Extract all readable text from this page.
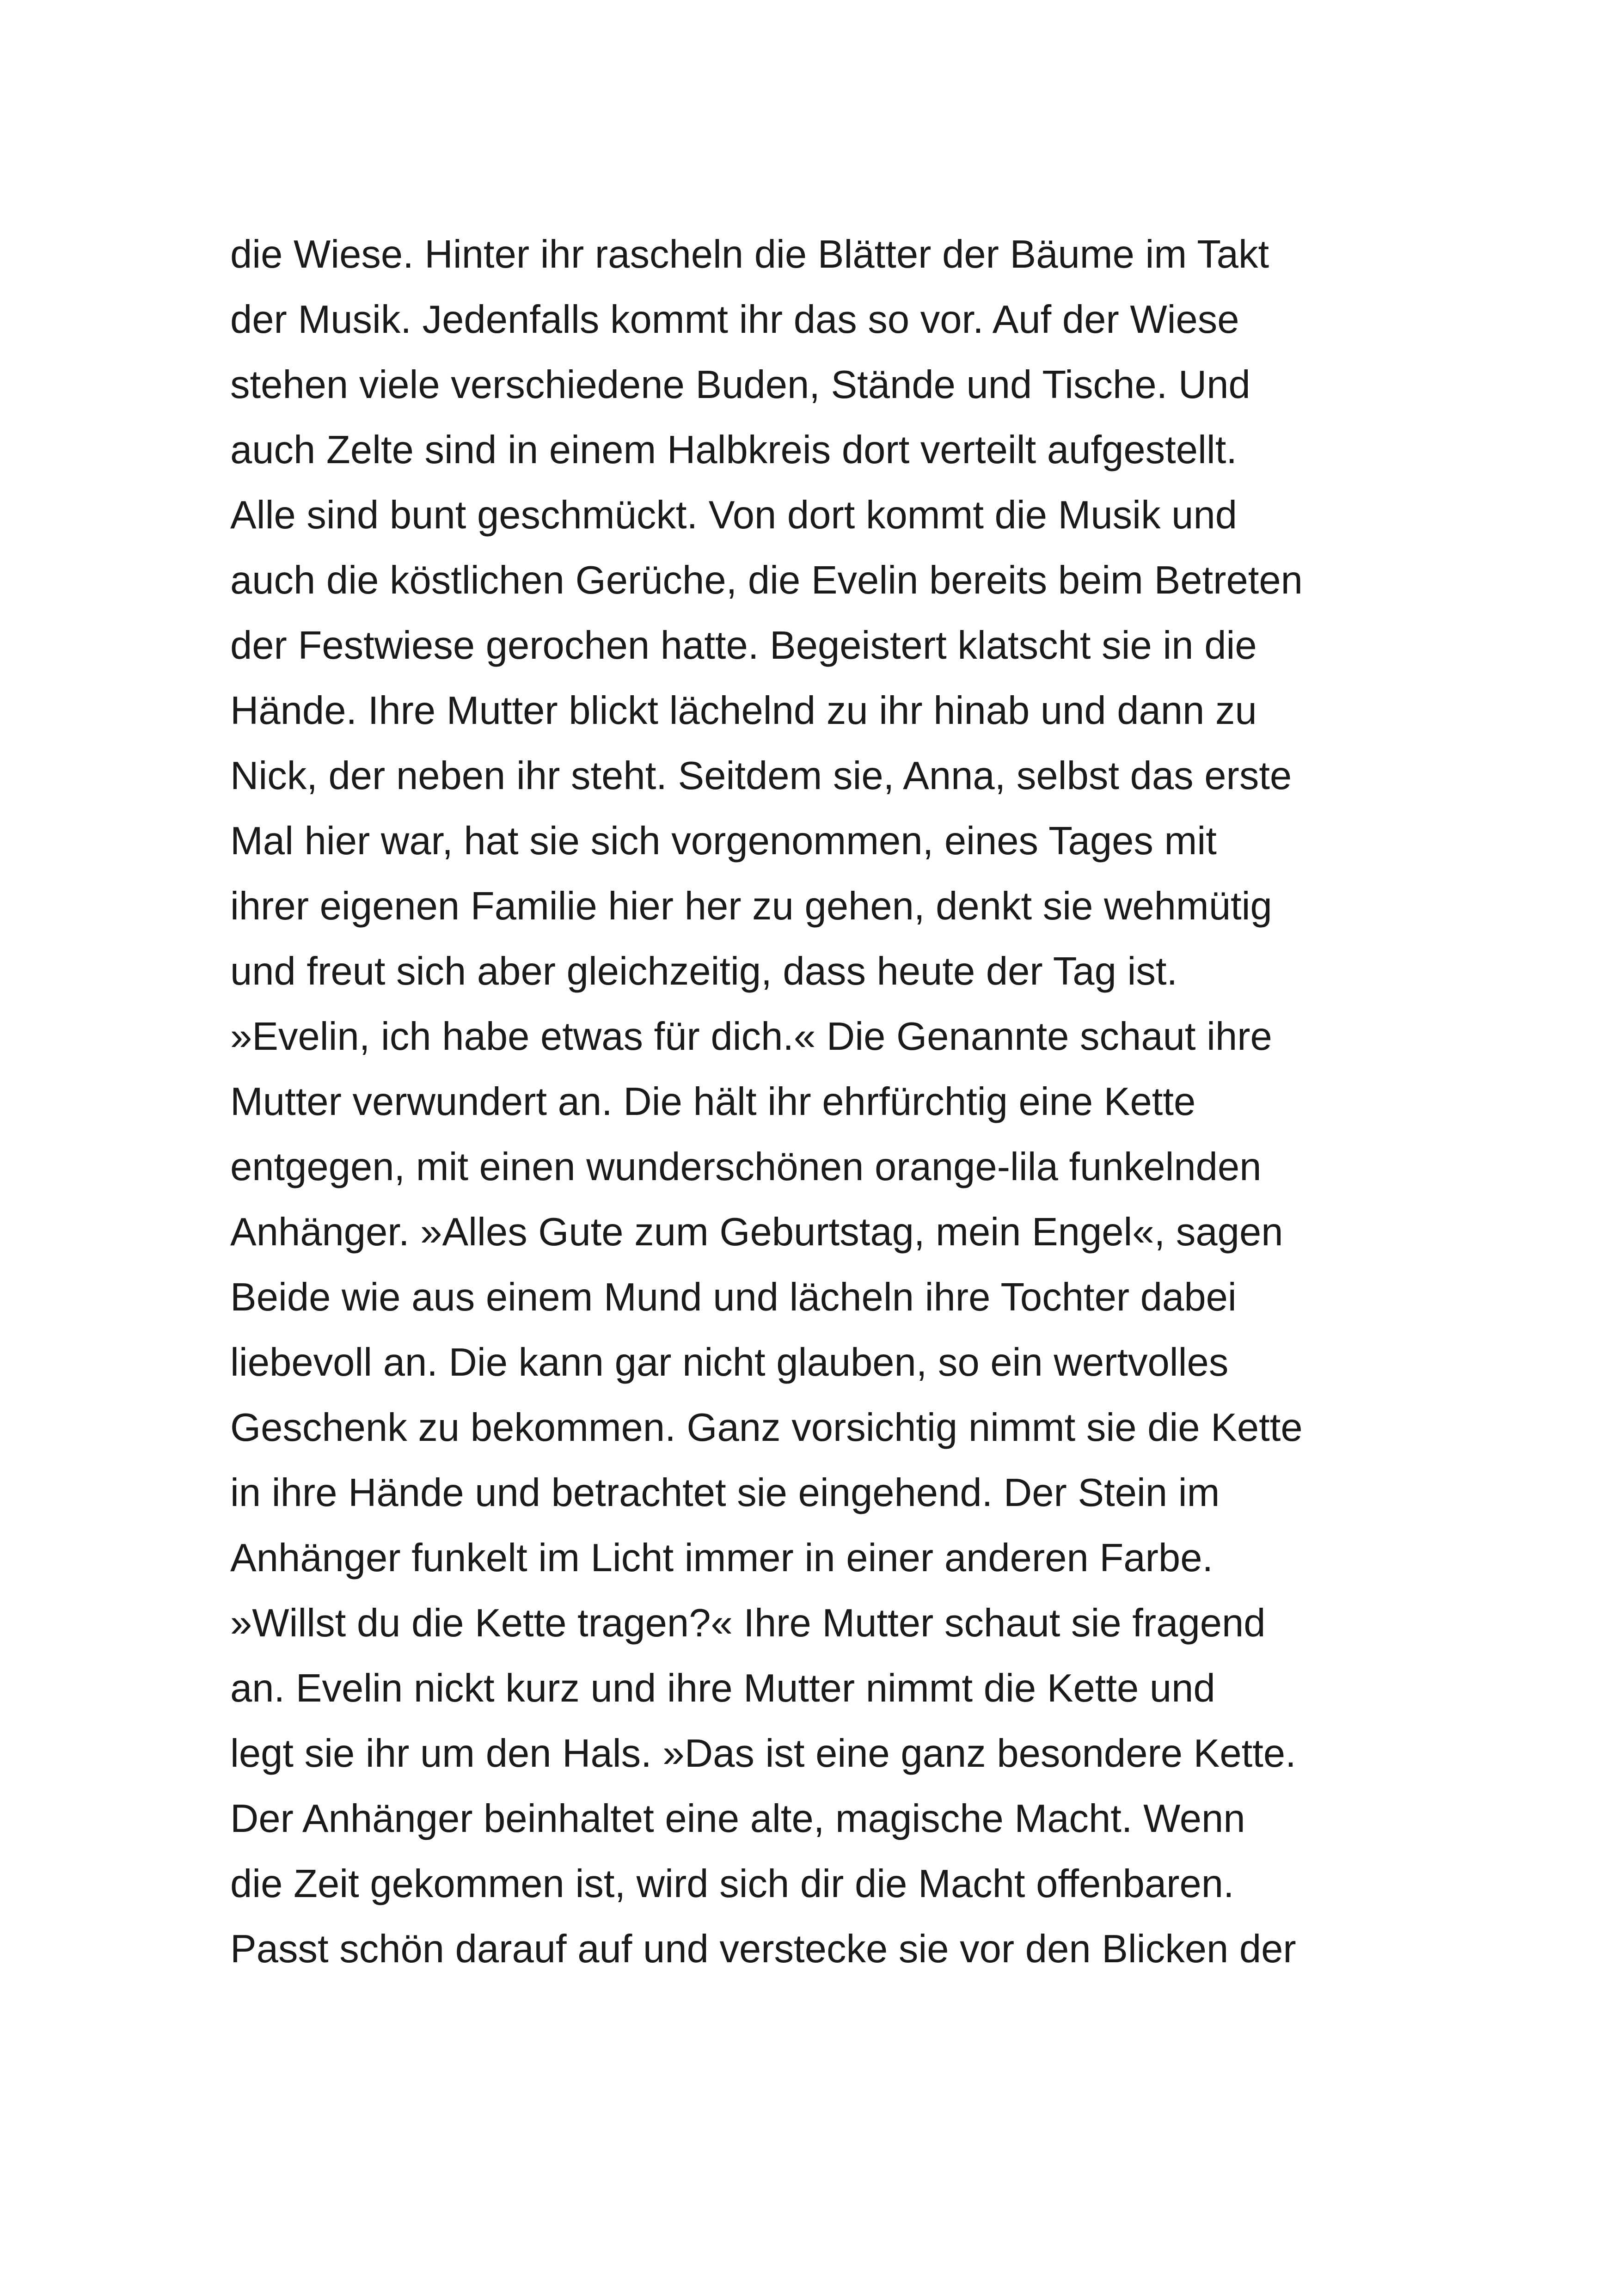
die Wiese. Hinter ihr rascheln die Blätter der Bäume im Takt
der Musik. Jedenfalls kommt ihr das so vor. Auf der Wiese
stehen viele verschiedene Buden, Stände und Tische. Und
auch Zelte sind in einem Halbkreis dort verteilt aufgestellt.
Alle sind bunt geschmückt. Von dort kommt die Musik und
auch die köstlichen Gerüche, die Evelin bereits beim Betreten
der Festwiese gerochen hatte. Begeistert klatscht sie in die
Hände. Ihre Mutter blickt lächelnd zu ihr hinab und dann zu
Nick, der neben ihr steht. Seitdem sie, Anna, selbst das erste
Mal hier war, hat sie sich vorgenommen, eines Tages mit
ihrer eigenen Familie hier her zu gehen, denkt sie wehmütig
und freut sich aber gleichzeitig, dass heute der Tag ist.
»Evelin, ich habe etwas für dich.« Die Genannte schaut ihre
Mutter verwundert an. Die hält ihr ehrfürchtig eine Kette
entgegen, mit einen wunderschönen orange-lila funkelnden
Anhänger. »Alles Gute zum Geburtstag, mein Engel«, sagen
Beide wie aus einem Mund und lächeln ihre Tochter dabei
liebevoll an. Die kann gar nicht glauben, so ein wertvolles
Geschenk zu bekommen. Ganz vorsichtig nimmt sie die Kette
in ihre Hände und betrachtet sie eingehend. Der Stein im
Anhänger funkelt im Licht immer in einer anderen Farbe.
»Willst du die Kette tragen?« Ihre Mutter schaut sie fragend
an. Evelin nickt kurz und ihre Mutter nimmt die Kette und
legt sie ihr um den Hals. »Das ist eine ganz besondere Kette.
Der Anhänger beinhaltet eine alte, magische Macht. Wenn
die Zeit gekommen ist, wird sich dir die Macht offenbaren.
Passt schön darauf auf und verstecke sie vor den Blicken der
